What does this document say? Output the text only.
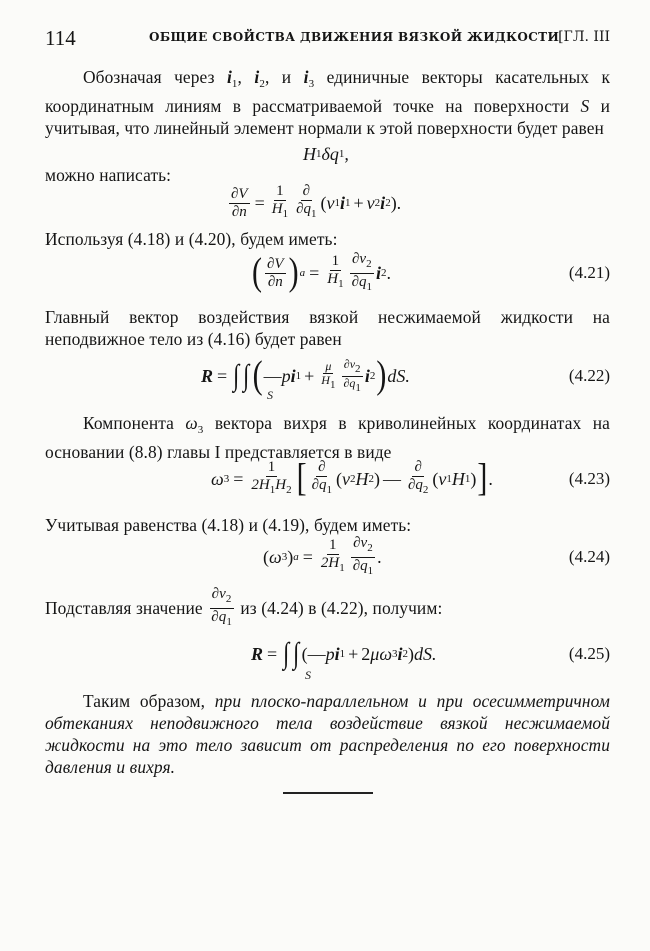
114	ОБЩИЕ СВОЙСТВА ДВИЖЕНИЯ ВЯЗКОЙ ЖИДКОСТИ
[ГЛ. III
Обозначая через $i_1$, $i_2$, и $i_3$ единичные векторы касательных к координатным линиям в рассматриваемой точке на поверхности S и учитывая, что линейный элемент нормали к этой поверхности будет равен
H 1 δq 1 ,
можно написать:
$\frac{\partial V}{\partial n} = \frac{1}{H_1} \frac{\partial}{\partial q_1}$ ( v 1 i 1 + v 2 i 2 ).
Используя (4.18) и (4.20), будем иметь:
( $\frac{\partial V}{\partial n}$ ) $a = \frac{1}{H_1} \frac{\partial v_2}{\partial q_1}$ i 2 .	(4.21)
Главный вектор воздействия вязкой несжимаемой жидкости на неподвижное тело из (4.16) будет равен
R = ∫ ∫ ( — p i $1 + \frac{\mu}{H1} \frac{\partial v2}{\partial q1}$ i 2 ) dS.
S
(4.22)
Компонента $\omega_3$ вектора вихря в криволинейных координатах на основании (8.8) главы I представляется в виде
ω $3 = \frac{1}{2H_1H_2}$ [ $\frac{\partial}{\partial q_1}$ ( v 2 H 2 ) — $\frac{\partial}{\partial q_2}$ ( v 1 H 1 ) ] .	(4.23)
Учитывая равенства (4.18) и (4.19), будем иметь:
( ω 3 ) $a = \frac{1}{2H_1} \frac{\partial v_2}{\partial q_1}$ .	(4.24)
Подставляя значение $\frac{\partial v_2}{\partial q_1}$ из (4.24) в (4.22), получим:
R = ∫ ∫ ( — p i 1 + 2 μω 3 i 2 ) dS.
S
(4.25)
Таким образом, при плоско-параллельном и при осесимметричном обтеканиях неподвижного тела воздействие вязкой несжимаемой жидкости на это тело зависит от распределения по его поверхности давления и вихря.
